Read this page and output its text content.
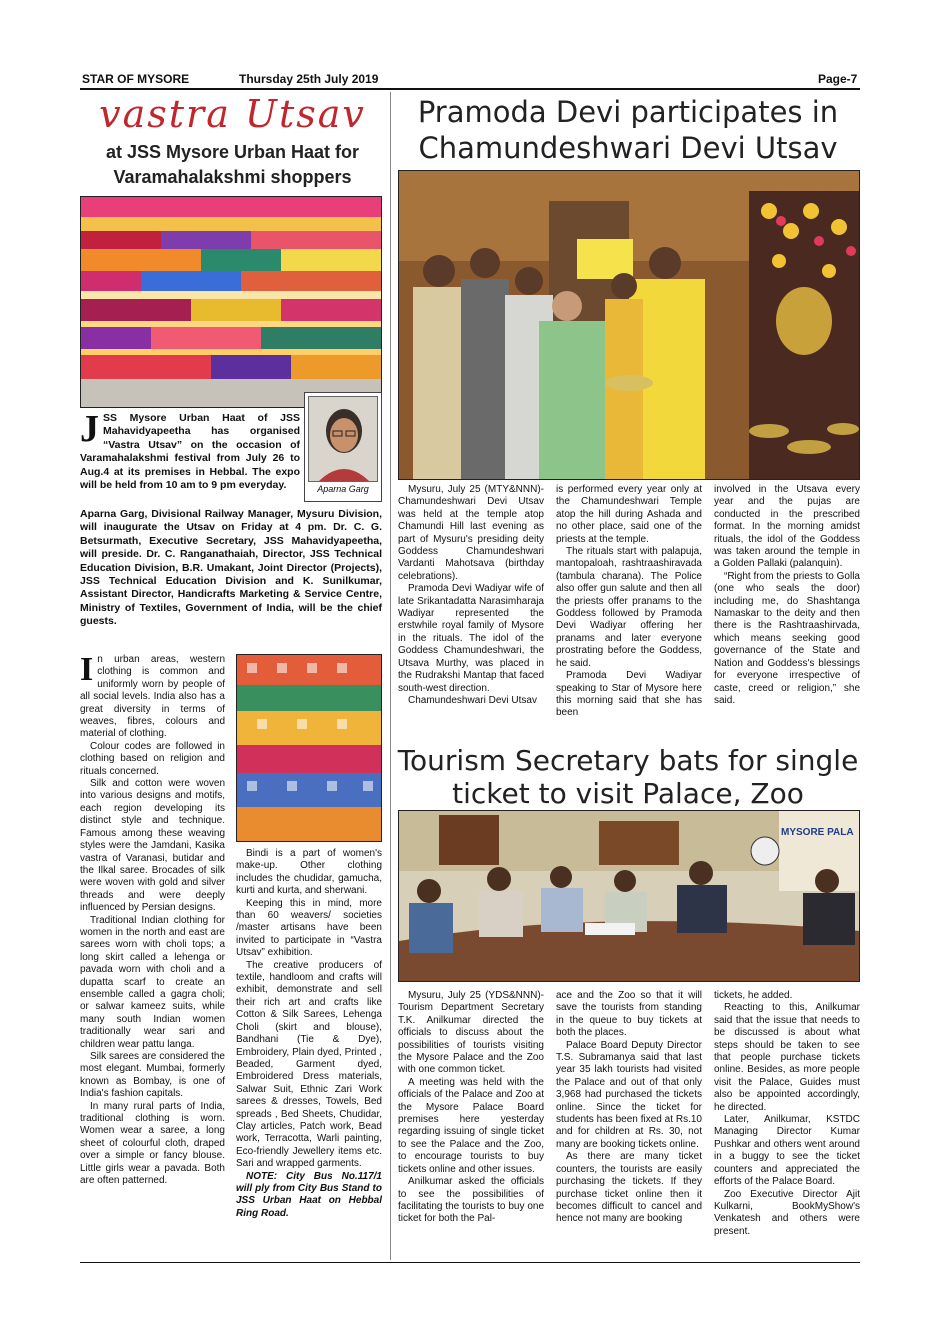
STAR OF MYSORE	Thursday 25th July 2019	Page-7
vastra Utsav
at JSS Mysore Urban Haat for
Varamahalakshmi shoppers
Aparna Garg
JSS Mysore Urban Haat of JSS Mahavidyapeetha has organised “Vastra Utsav” on the occasion of Varamahalakshmi festival from July 26 to Aug.4 at its premises in Hebbal. The expo will be held from 10 am to 9 pm everyday.
Aparna Garg, Divisional Railway Manager, Mysuru Division, will inaugurate the Utsav on Friday at 4 pm. Dr. C. G. Betsurmath, Executive Secretary, JSS Mahavidyapeetha, will preside. Dr. C. Ranganathaiah, Director, JSS Technical Education Division, B.R. Umakant, Joint Director (Projects), JSS Technical Education Division and K. Sunilkumar, Assistant Director, Handicrafts Marketing & Service Centre, Ministry of Textiles, Government of India, will be the chief guests.

In urban areas, western clothing is common and uniformly worn by people of all social levels. India also has a great diversity in terms of weaves, fibres, colours and material of clothing.

Colour codes are followed in clothing based on religion and rituals concerned.

Silk and cotton were woven into various designs and motifs, each region developing its distinct style and technique. Famous among these weaving styles were the Jamdani, Kasika vastra of Varanasi, butidar and the Ilkal saree. Brocades of silk were woven with gold and silver threads and were deeply influenced by Persian designs.

Traditional Indian clothing for women in the north and east are sarees worn with choli tops; a long skirt called a lehenga or pavada worn with choli and a dupatta scarf to create an ensemble called a gagra choli; or salwar kameez suits, while many south Indian women traditionally wear sari and children wear pattu langa.

Silk sarees are considered the most elegant. Mumbai, formerly known as Bombay, is one of India's fashion capitals.

In many rural parts of India, traditional clothing is worn. Women wear a saree, a long sheet of colourful cloth, draped over a simple or fancy blouse. Little girls wear a pavada. Both are often patterned.

Bindi is a part of women's make-up. Other clothing includes the chudidar, gamucha, kurti and kurta, and sherwani.

Keeping this in mind, more than 60 weavers/ societies /master artisans have been invited to participate in “Vastra Utsav” exhibition.

The creative producers of textile, handloom and crafts will exhibit, demonstrate and sell their rich art and crafts like Cotton & Silk Sarees, Lehenga Choli (skirt and blouse), Bandhani (Tie & Dye), Embroidery, Plain dyed, Printed , Beaded, Garment dyed, Embroidered Dress materials, Salwar Suit, Ethnic Zari Work sarees & dresses, Towels, Bed spreads , Bed Sheets, Chudidar, Clay articles, Patch work, Bead work, Terracotta, Warli painting, Eco-friendly Jewellery items etc. Sari and wrapped garments.

NOTE: City Bus No.117/1 will ply from City Bus Stand to JSS Urban Haat on Hebbal Ring Road.

Pramoda Devi participates in
Chamundeshwari Devi Utsav

Mysuru, July 25 (MTY&NNN)- Chamundeshwari Devi Utsav was held at the temple atop Chamundi Hill last evening as part of Mysuru's presiding deity Goddess Chamundeshwari Vardanti Mahotsava (birthday celebrations).

Pramoda Devi Wadiyar wife of late Srikantadatta Narasimharaja Wadiyar represented the erstwhile royal family of Mysore in the rituals. The idol of the Goddess Chamundeshwari, the Utsava Murthy, was placed in the Rudrakshi Mantap that faced south-west direction.

Chamundeshwari Devi Utsav

is performed every year only at the Chamundeshwari Temple atop the hill during Ashada and no other place, said one of the priests at the temple.

The rituals start with palapuja, mantopaloah, rashtraashiravada (tambula charana). The Police also offer gun salute and then all the priests offer pranams to the Goddess followed by Pramoda Devi Wadiyar offering her pranams and later everyone prostrating before the Goddess, he said.

Pramoda Devi Wadiyar speaking to Star of Mysore here this morning said that she has been

involved in the Utsava every year and the pujas are conducted in the prescribed format. In the morning amidst rituals, the idol of the Goddess was taken around the temple in a Golden Pallaki (palanquin).

“Right from the priests to Golla (one who seals the door) including me, do Shashtanga Namaskar to the deity and then there is the Rashtraashirvada, which means seeking good governance of the State and Nation and Goddess's blessings for everyone irrespective of caste, creed or religion,” she said.

Tourism Secretary bats for single
ticket to visit Palace, Zoo
MYSORE PALA

Mysuru, July 25 (YDS&NNN)- Tourism Department Secretary T.K. Anilkumar directed the officials to discuss about the possibilities of tourists visiting the Mysore Palace and the Zoo with one common ticket.

A meeting was held with the officials of the Palace and Zoo at the Mysore Palace Board premises here yesterday regarding issuing of single ticket to see the Palace and the Zoo, to encourage tourists to buy tickets online and other issues.

Anilkumar asked the officials to see the possibilities of facilitating the tourists to buy one ticket for both the Pal-

ace and the Zoo so that it will save the tourists from standing in the queue to buy tickets at both the places.

Palace Board Deputy Director T.S. Subramanya said that last year 35 lakh tourists had visited the Palace and out of that only 3,968 had purchased the tickets online. Since the ticket for students has been fixed at Rs.10 and for children at Rs. 30, not many are booking tickets online.

As there are many ticket counters, the tourists are easily purchasing the tickets. If they purchase ticket online then it becomes difficult to cancel and hence not many are booking

tickets, he added.

Reacting to this, Anilkumar said that the issue that needs to be discussed is about what steps should be taken to see that people purchase tickets online. Besides, as more people visit the Palace, Guides must also be appointed accordingly, he directed.

Later, Anilkumar, KSTDC Managing Director Kumar Pushkar and others went around in a buggy to see the ticket counters and appreciated the efforts of the Palace Board.

Zoo Executive Director Ajit Kulkarni, BookMyShow's Venkatesh and others were present.
